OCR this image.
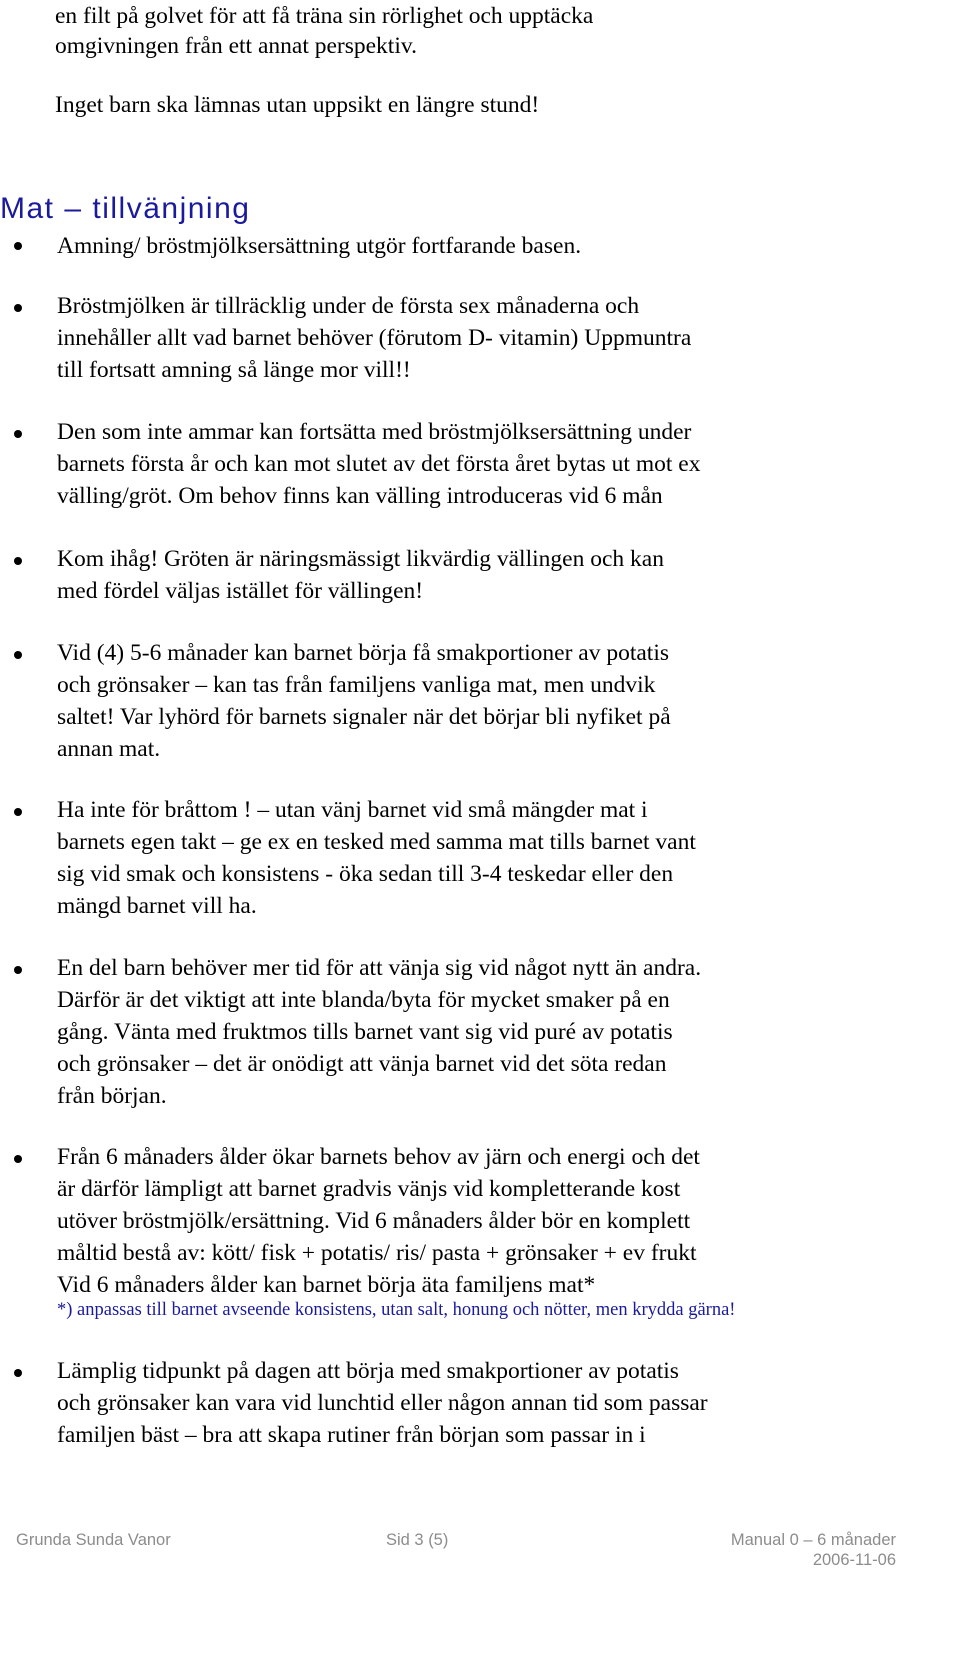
en filt på golvet för att få träna sin rörlighet och upptäcka

omgivningen från ett annat perspektiv.

Inget barn ska lämnas utan uppsikt en längre stund!

Mat – tillvänjning
Amning/ bröstmjölksersättning utgör fortfarande basen.
Bröstmjölken är tillräcklig under de första sex månaderna och
innehåller allt vad barnet behöver (förutom D- vitamin) Uppmuntra
till fortsatt amning så länge mor vill!!
Den som inte ammar kan fortsätta med bröstmjölksersättning under
barnets första år och kan mot slutet av det första året bytas ut mot ex
välling/gröt. Om behov finns kan välling introduceras vid 6 mån
Kom ihåg! Gröten är näringsmässigt likvärdig vällingen och kan
med fördel väljas istället för vällingen!
Vid (4) 5-6 månader kan barnet börja få smakportioner av potatis
och grönsaker – kan tas från familjens vanliga mat, men undvik
saltet! Var lyhörd för barnets signaler när det börjar bli nyfiket på
annan mat.
Ha inte för bråttom ! – utan vänj barnet vid små mängder mat i
barnets egen takt – ge ex en tesked med samma mat tills barnet vant
sig vid smak och konsistens - öka sedan till 3-4 teskedar eller den
mängd barnet vill ha.
En del barn behöver mer tid för att vänja sig vid något nytt än andra.
Därför är det viktigt att inte blanda/byta för mycket smaker på en
gång. Vänta med fruktmos tills barnet vant sig vid puré av potatis
och grönsaker – det är onödigt att vänja barnet vid det söta redan
från början.
Från 6 månaders ålder ökar barnets behov av järn och energi och det
är därför lämpligt att barnet gradvis vänjs vid kompletterande kost
utöver bröstmjölk/ersättning. Vid 6 månaders ålder bör en komplett
måltid bestå av: kött/ fisk + potatis/ ris/ pasta + grönsaker + ev frukt
Vid 6 månaders ålder kan barnet börja äta familjens mat*
Lämplig tidpunkt på dagen att börja med smakportioner av potatis
och grönsaker kan vara vid lunchtid eller någon annan tid som passar
familjen bäst – bra att skapa rutiner från början som passar in i

*) anpassas till barnet avseende konsistens, utan salt, honung och nötter, men krydda gärna!

Grunda Sunda Vanor	Sid 3 (5)	Manual 0 – 6 månader

2006-11-06
